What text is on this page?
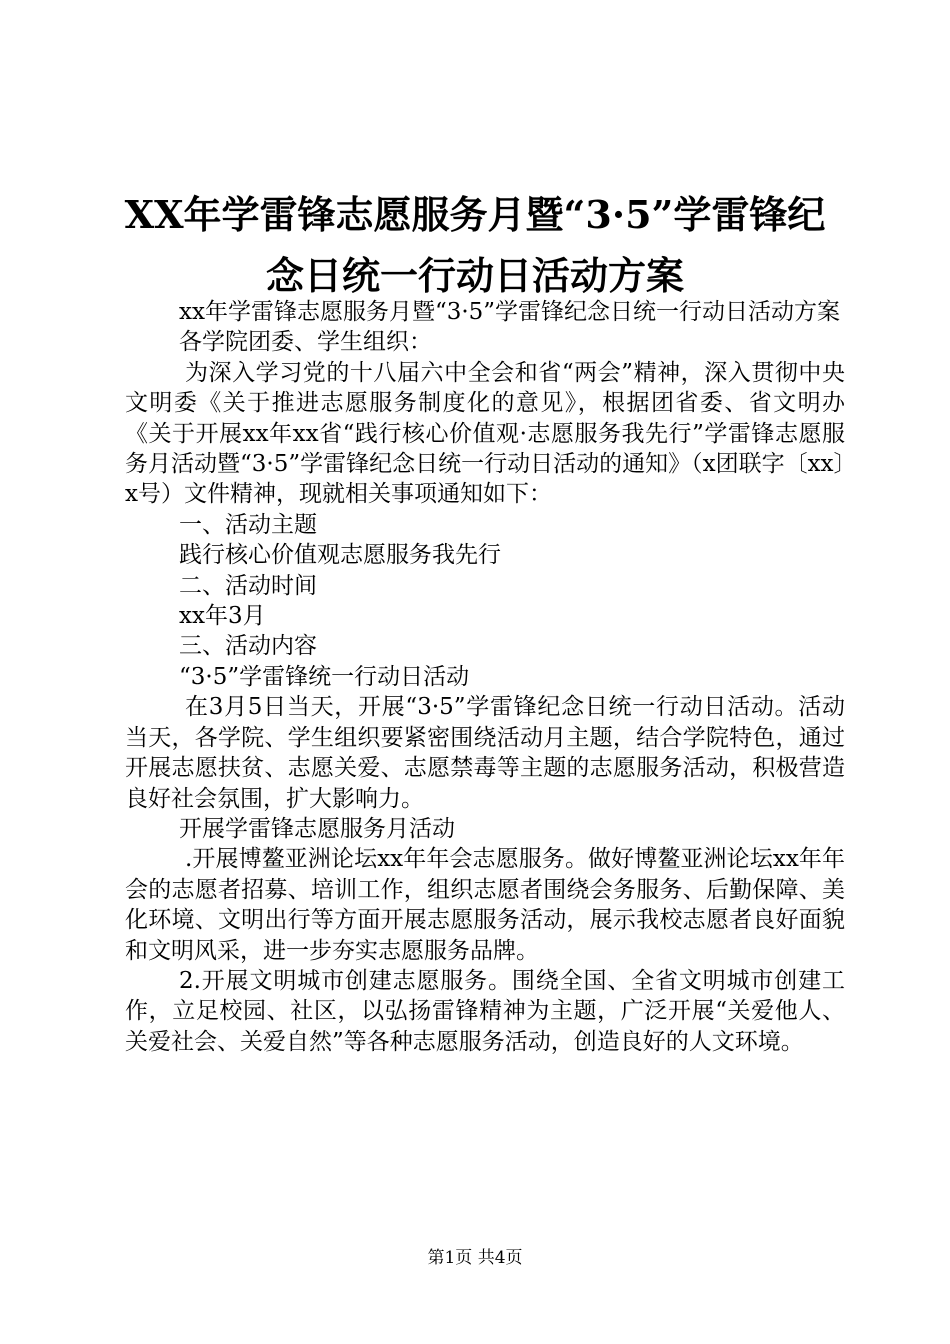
XX年学雷锋志愿服务月暨“3·5”学雷锋纪
念日统一行动日活动方案

xx年学雷锋志愿服务月暨“3·5”学雷锋纪念日统一行动日活动方案

各学院团委、学生组织：

为深入学习党的十八届六中全会和省“两会”精神，深入贯彻中央文明委《关于推进志愿服务制度化的意见》，根据团省委、省文明办《关于开展xx年xx省“践行核心价值观·志愿服务我先行”学雷锋志愿服务月活动暨“3·5”学雷锋纪念日统一行动日活动的通知》（x团联字〔xx〕x号）文件精神，现就相关事项通知如下：

一、活动主题

践行核心价值观志愿服务我先行

二、活动时间

xx年3月

三、活动内容

“3·5”学雷锋统一行动日活动

在3月5日当天，开展“3·5”学雷锋纪念日统一行动日活动。活动当天，各学院、学生组织要紧密围绕活动月主题，结合学院特色，通过开展志愿扶贫、志愿关爱、志愿禁毒等主题的志愿服务活动，积极营造良好社会氛围，扩大影响力。

开展学雷锋志愿服务月活动

.开展博鳌亚洲论坛xx年年会志愿服务。做好博鳌亚洲论坛xx年年会的志愿者招募、培训工作，组织志愿者围绕会务服务、后勤保障、美化环境、文明出行等方面开展志愿服务活动，展示我校志愿者良好面貌和文明风采，进一步夯实志愿服务品牌。

2.开展文明城市创建志愿服务。围绕全国、全省文明城市创建工作，立足校园、社区，以弘扬雷锋精神为主题，广泛开展“关爱他人、关爱社会、关爱自然”等各种志愿服务活动，创造良好的人文环境。

第1页 共4页
